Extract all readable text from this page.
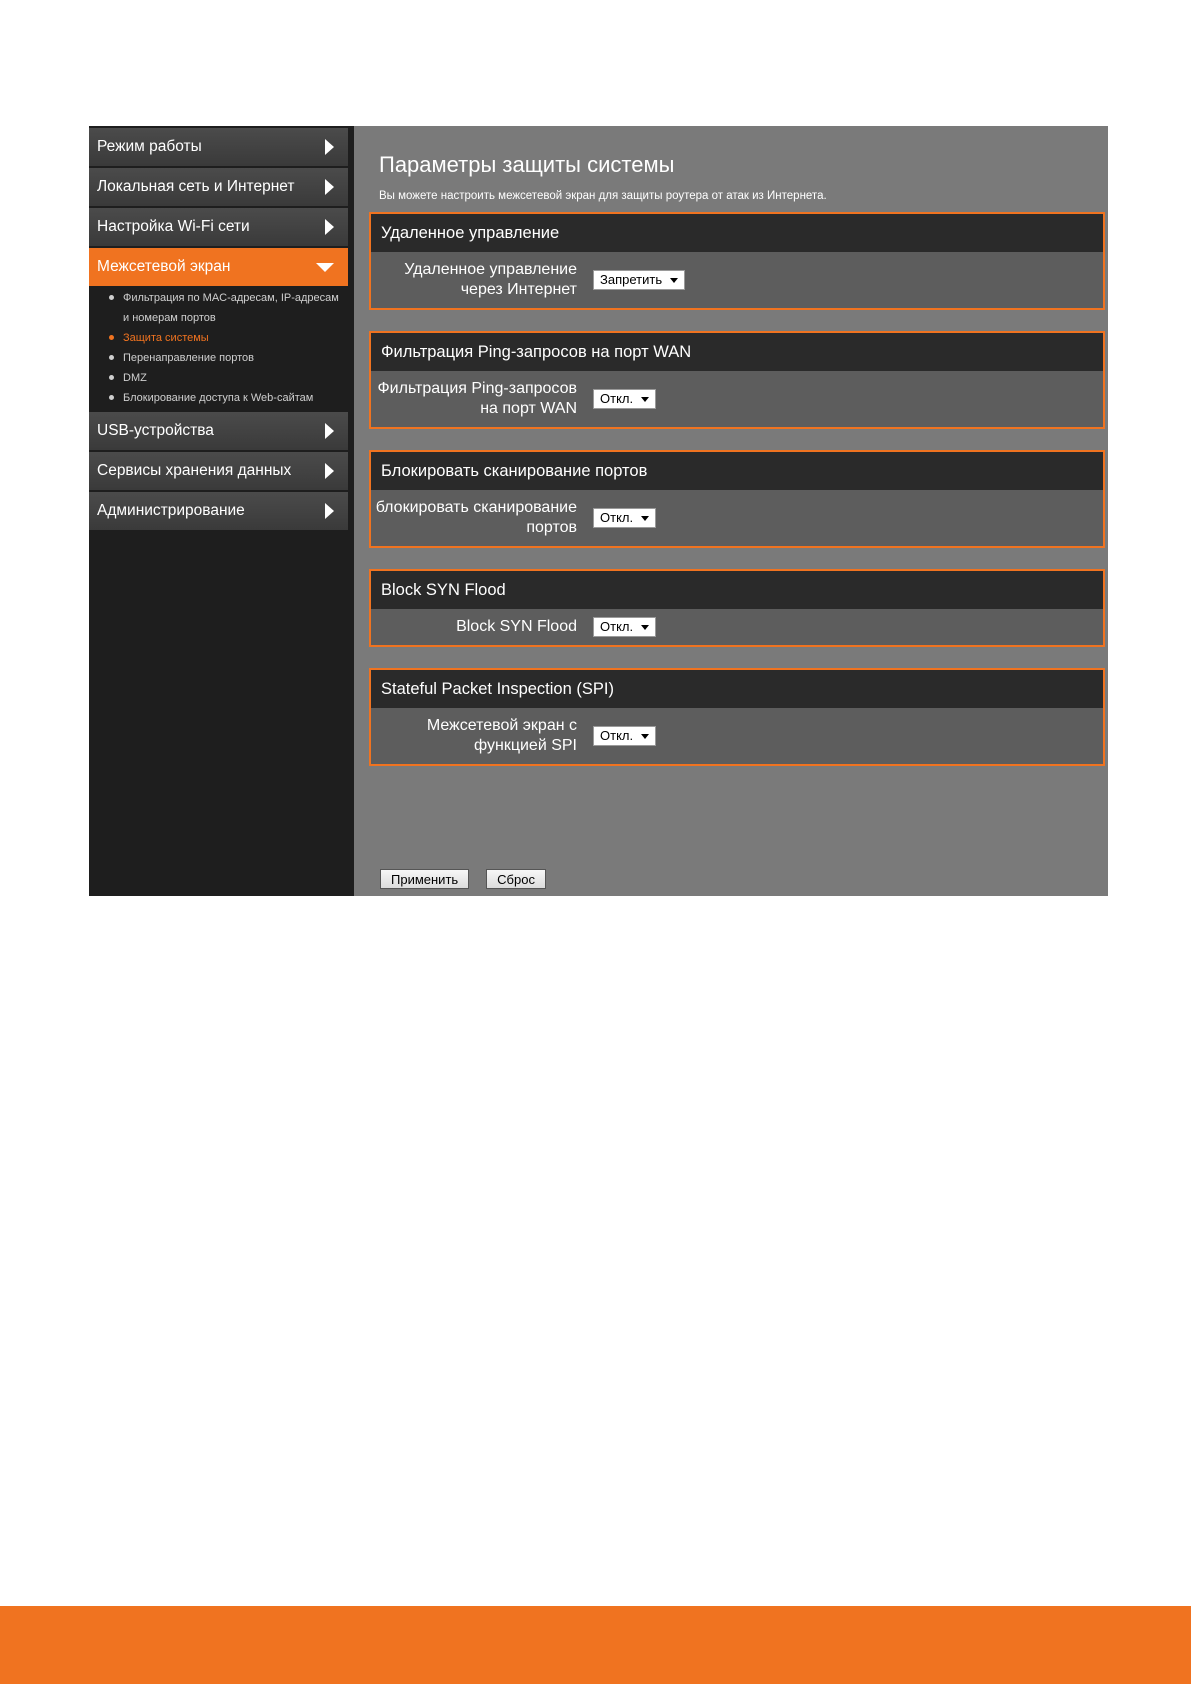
Режим работы
Локальная сеть и Интернет
Настройка Wi-Fi сети
Межсетевой экран
Фильтрация по MAC-адресам, IP-адресам
и номерам портов
Защита системы
Перенаправление портов
DMZ
Блокирование доступа к Web-сайтам
USB-устройства
Сервисы хранения данных
Администрирование
Параметры защиты системы

Вы можете настроить межсетевой экран для защиты роутера от атак из Интернета.

Удаленное управление
Удаленное управление через Интернет
Запретить
Фильтрация Ping-запросов на порт WAN
Фильтрация Ping-запросов на порт WAN
Откл.
Блокировать сканирование портов
блокировать сканирование портов
Откл.
Block SYN Flood
Block SYN Flood Откл.
Stateful Packet Inspection (SPI)
Межсетевой экран с функцией SPI
Откл.
Применить	Сброс
